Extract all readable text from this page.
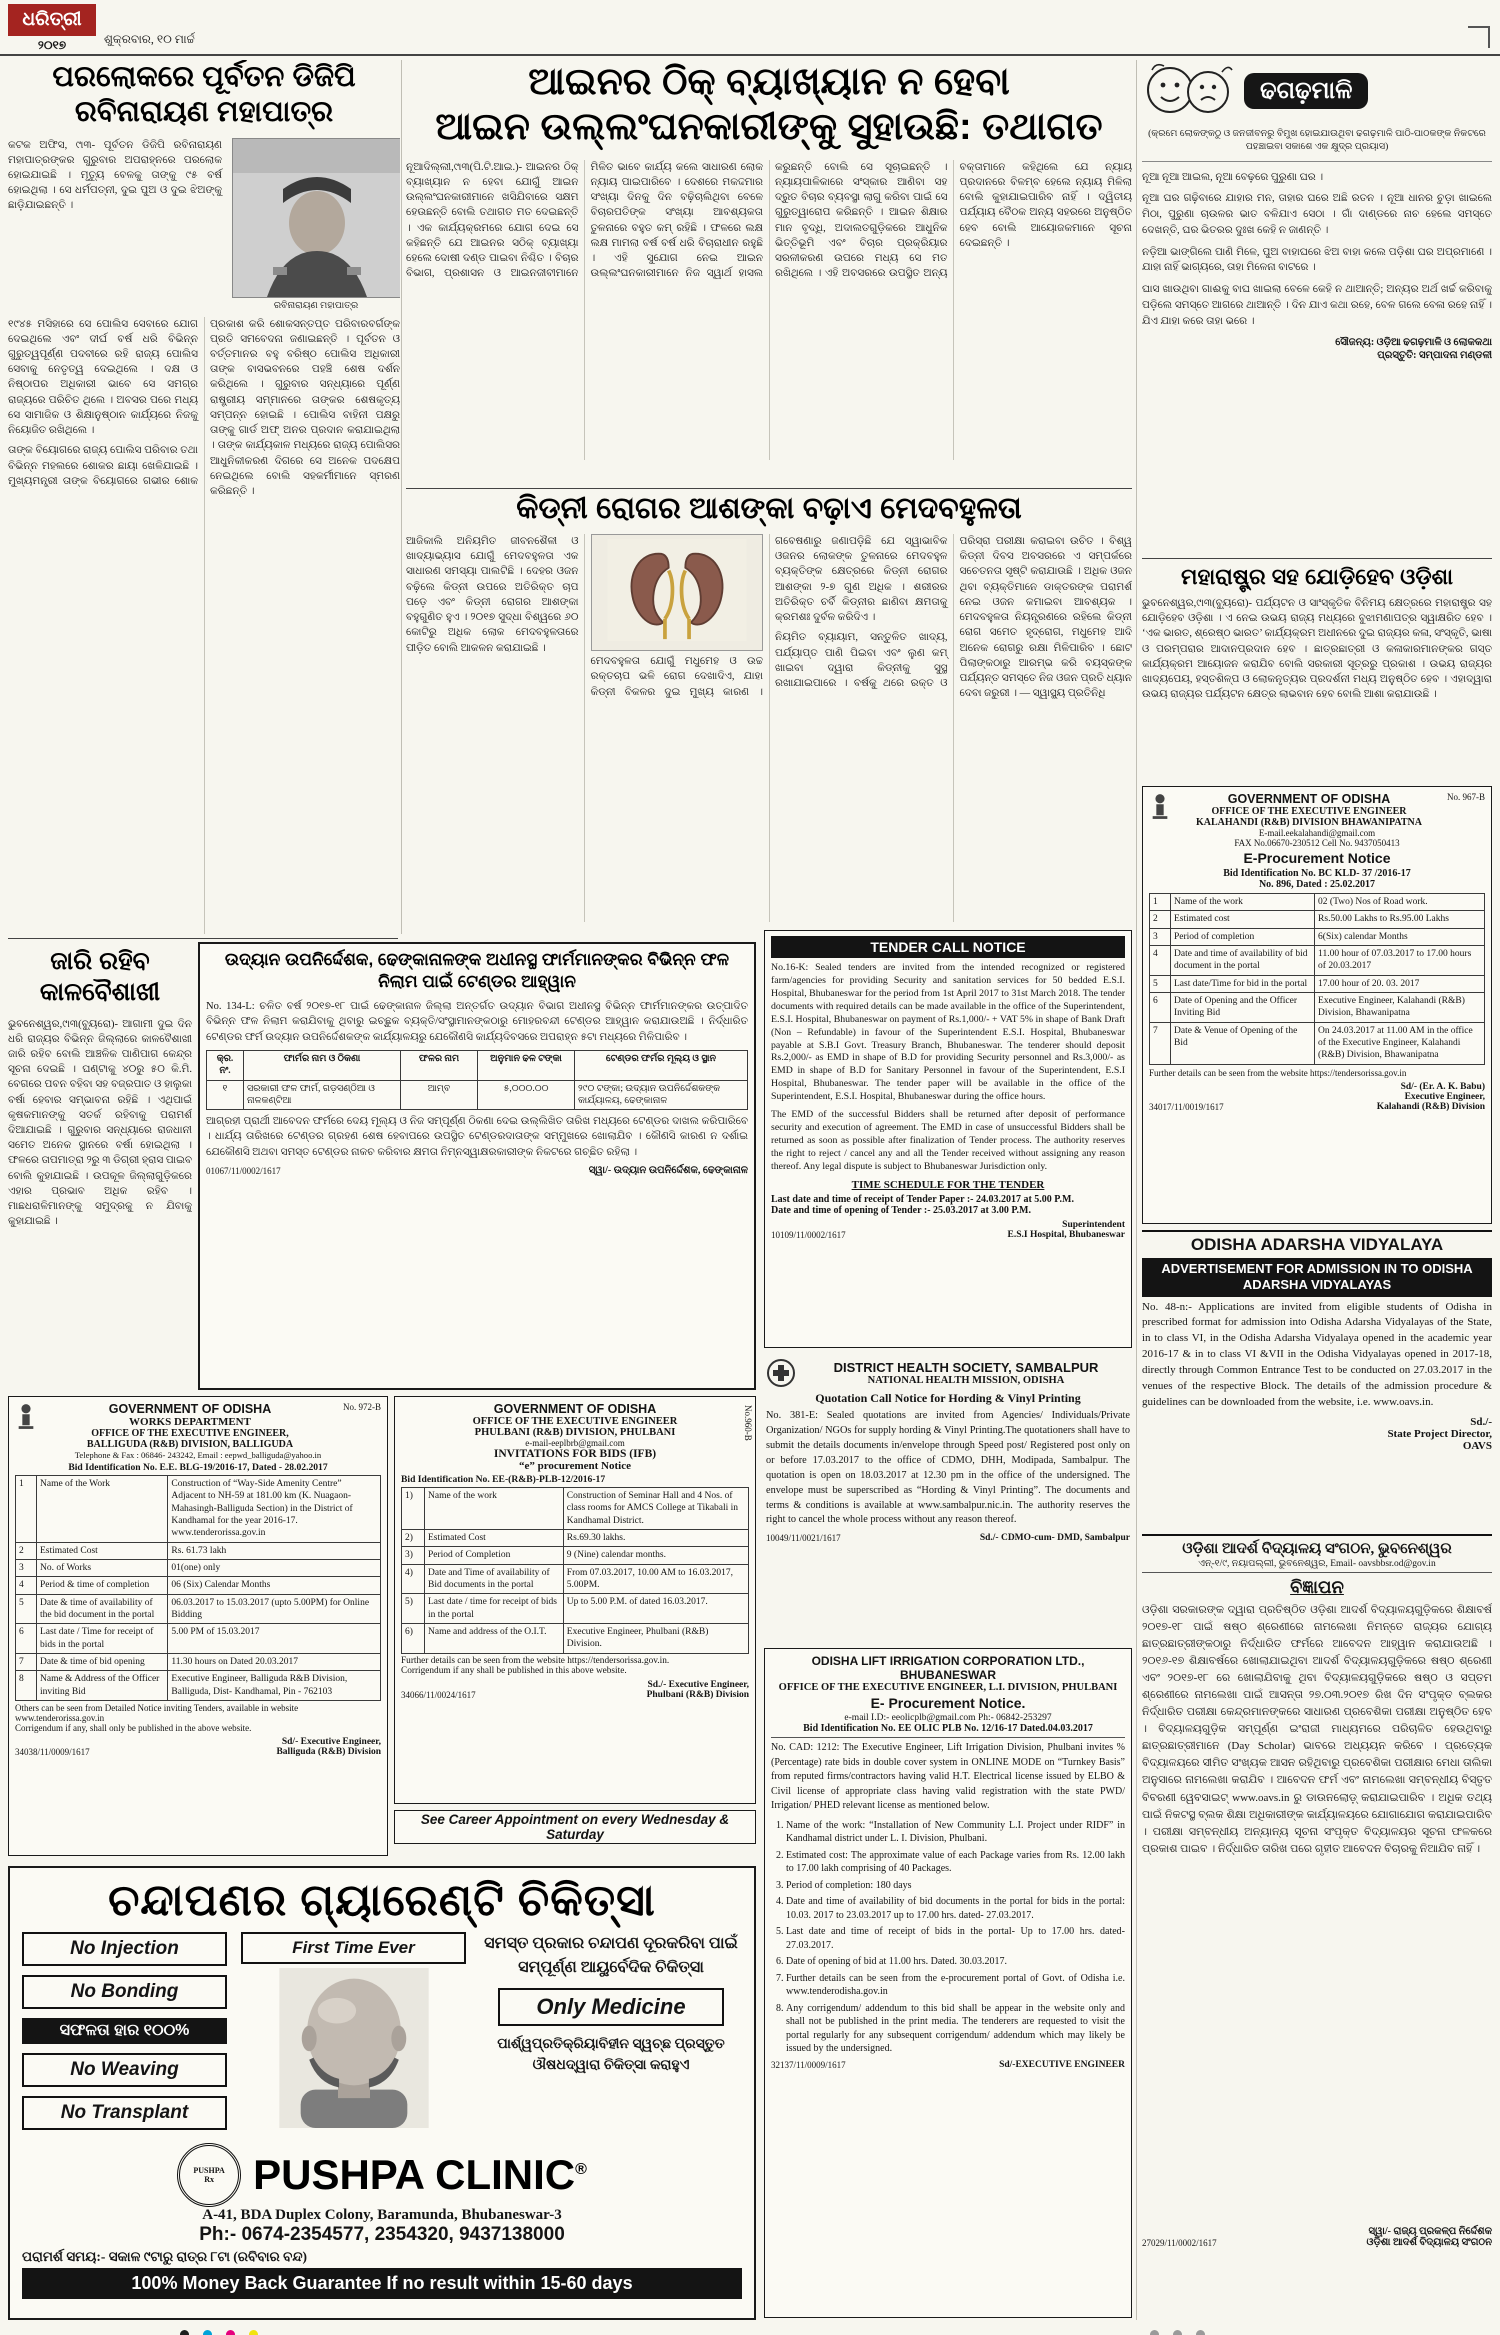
ଧରିତ୍ରୀ
୨୦୧୭	ଶୁକ୍ରବାର, ୧୦ ମାର୍ଚ୍ଚ
ପରଲୋକରେ ପୂର୍ବତନ ଡିଜିପି
ରବିନାରାୟଣ ମହାପାତ୍ର

କଟକ ଅଫିସ, ୯ା୩- ପୂର୍ବତନ ଡିଜିପି ରବିନାରାୟଣ ମହାପାତ୍ରଙ୍କର ଗୁରୁବାର ଅପରାହ୍ନରେ ପରଲୋକ ହୋଇଯାଇଛି । ମୃତ୍ୟୁ ବେଳକୁ ତାଙ୍କୁ ୯୫ ବର୍ଷ ହୋଇଥିଲା । ସେ ଧର୍ମପତ୍ନୀ, ଦୁଇ ପୁଅ ଓ ଦୁଇ ଝିଅଙ୍କୁ ଛାଡ଼ିଯାଇଛନ୍ତି ।

ରବିନାରାୟଣ ମହାପାତ୍ର

୧୯୪୫ ମସିହାରେ ସେ ପୋଲିସ ସେବାରେ ଯୋଗ ଦେଇଥିଲେ ଏବଂ ଦୀର୍ଘ ବର୍ଷ ଧରି ବିଭିନ୍ନ ଗୁରୁତ୍ୱପୂର୍ଣ୍ଣ ପଦବୀରେ ରହି ରାଜ୍ୟ ପୋଲିସ ସେବାକୁ ନେତୃତ୍ୱ ଦେଇଥିଲେ । ଦକ୍ଷ ଓ ନିଷ୍ଠାପର ଅଧିକାରୀ ଭାବେ ସେ ସମଗ୍ର ରାଜ୍ୟରେ ପରିଚିତ ଥିଲେ । ଅବସର ପରେ ମଧ୍ୟ ସେ ସାମାଜିକ ଓ ଶିକ୍ଷାନୁଷ୍ଠାନ କାର୍ଯ୍ୟରେ ନିଜକୁ ନିୟୋଜିତ ରଖିଥିଲେ ।

ତାଙ୍କ ବିୟୋଗରେ ରାଜ୍ୟ ପୋଲିସ ପରିବାର ତଥା ବିଭିନ୍ନ ମହଲରେ ଶୋକର ଛାୟା ଖେଳିଯାଇଛି । ମୁଖ୍ୟମନ୍ତ୍ରୀ ତାଙ୍କ ବିୟୋଗରେ ଗଭୀର ଶୋକ ପ୍ରକାଶ କରି ଶୋକସନ୍ତପ୍ତ ପରିବାରବର୍ଗଙ୍କ ପ୍ରତି ସମବେଦନା ଜଣାଇଛନ୍ତି । ପୂର୍ବତନ ଓ ବର୍ତ୍ତମାନର ବହୁ ବରିଷ୍ଠ ପୋଲିସ ଅଧିକାରୀ ତାଙ୍କ ବାସଭବନରେ ପହଞ୍ଚି ଶେଷ ଦର୍ଶନ କରିଥିଲେ । ଗୁରୁବାର ସନ୍ଧ୍ୟାରେ ପୂର୍ଣ୍ଣ ରାଷ୍ଟ୍ରୀୟ ସମ୍ମାନରେ ତାଙ୍କର ଶେଷକୃତ୍ୟ ସମ୍ପନ୍ନ ହୋଇଛି । ପୋଲିସ ବାହିନୀ ପକ୍ଷରୁ ତାଙ୍କୁ ଗାର୍ଡ ଅଫ୍ ଅନର ପ୍ରଦାନ କରାଯାଇଥିଲା । ତାଙ୍କ କାର୍ଯ୍ୟକାଳ ମଧ୍ୟରେ ରାଜ୍ୟ ପୋଲିସର ଆଧୁନିକୀକରଣ ଦିଗରେ ସେ ଅନେକ ପଦକ୍ଷେପ ନେଇଥିଲେ ବୋଲି ସହକର୍ମୀମାନେ ସ୍ମରଣ କରିଛନ୍ତି ।

ଆଇନର ଠିକ୍ ବ୍ୟାଖ୍ୟାନ ନ ହେବା
ଆଇନ ଉଲ୍ଲଂଘନକାରୀଙ୍କୁ ସୁହାଉଛି: ତଥାଗତ

ନୂଆଦିଲ୍ଲୀ,୯ା୩(ପି.ଟି.ଆଇ.)- ଆଇନର ଠିକ୍ ବ୍ୟାଖ୍ୟାନ ନ ହେବା ଯୋଗୁଁ ଆଇନ ଉଲ୍ଲଂଘନକାରୀମାନେ ଖସିଯିବାରେ ସକ୍ଷମ ହେଉଛନ୍ତି ବୋଲି ତଥାଗତ ମତ ଦେଇଛନ୍ତି । ଏକ କାର୍ଯ୍ୟକ୍ରମରେ ଯୋଗ ଦେଇ ସେ କହିଛନ୍ତି ଯେ ଆଇନର ସଠିକ୍ ବ୍ୟାଖ୍ୟା ହେଲେ ଦୋଷୀ ଦଣ୍ଡ ପାଇବା ନିଶ୍ଚିତ । ବିଚାର ବିଭାଗ, ପ୍ରଶାସନ ଓ ଆଇନଜୀବୀମାନେ ମିଳିତ ଭାବେ କାର୍ଯ୍ୟ କଲେ ସାଧାରଣ ଲୋକ ନ୍ୟାୟ ପାଇପାରିବେ । ଦେଶରେ ମକଦ୍ଦମାର ସଂଖ୍ୟା ଦିନକୁ ଦିନ ବଢ଼ିଚାଲିଥିବା ବେଳେ ବିଚାରପତିଙ୍କ ସଂଖ୍ୟା ଆବଶ୍ୟକତା ତୁଳନାରେ ବହୁତ କମ୍ ରହିଛି । ଫଳରେ ଲକ୍ଷ ଲକ୍ଷ ମାମଲା ବର୍ଷ ବର୍ଷ ଧରି ବିଚାରାଧୀନ ରହୁଛି । ଏହି ସୁଯୋଗ ନେଇ ଆଇନ ଉଲ୍ଲଂଘନକାରୀମାନେ ନିଜ ସ୍ୱାର୍ଥ ହାସଲ କରୁଛନ୍ତି ବୋଲି ସେ ସୂଚାଇଛନ୍ତି । ନ୍ୟାୟପାଳିକାରେ ସଂସ୍କାର ଆଣିବା ସହ ଦ୍ରୁତ ବିଚାର ବ୍ୟବସ୍ଥା ଲାଗୁ କରିବା ପାଇଁ ସେ ଗୁରୁତ୍ୱାରୋପ କରିଛନ୍ତି । ଆଇନ ଶିକ୍ଷାର ମାନ ବୃଦ୍ଧି, ଅଦାଲତଗୁଡ଼ିକରେ ଆଧୁନିକ ଭିତ୍ତିଭୂମି ଏବଂ ବିଚାର ପ୍ରକ୍ରିୟାର ସରଳୀକରଣ ଉପରେ ମଧ୍ୟ ସେ ମତ ରଖିଥିଲେ । ଏହି ଅବସରରେ ଉପସ୍ଥିତ ଅନ୍ୟ ବକ୍ତାମାନେ କହିଥିଲେ ଯେ ନ୍ୟାୟ ପ୍ରଦାନରେ ବିଳମ୍ବ ହେଲେ ନ୍ୟାୟ ମିଳିଲା ବୋଲି କୁହାଯାଇପାରିବ ନାହିଁ । ଦ୍ୱିତୀୟ ପର୍ଯ୍ୟାୟ ବୈଠକ ଅନ୍ୟ ସହରରେ ଅନୁଷ୍ଠିତ ହେବ ବୋଲି ଆୟୋଜକମାନେ ସୂଚନା ଦେଇଛନ୍ତି ।

କିଡ୍‌ନୀ ରୋଗର ଆଶଙ୍କା ବଢ଼ାଏ ମେଦବହୁଳତା

ଆଜିକାଲି ଅନିୟମିତ ଜୀବନଶୈଳୀ ଓ ଖାଦ୍ୟାଭ୍ୟାସ ଯୋଗୁଁ ମେଦବହୁଳତା ଏକ ସାଧାରଣ ସମସ୍ୟା ପାଲଟିଛି । ଦେହର ଓଜନ ବଢ଼ିଲେ କିଡ୍‌ନୀ ଉପରେ ଅତିରିକ୍ତ ଚାପ ପଡ଼େ ଏବଂ କିଡ୍‌ନୀ ରୋଗର ଆଶଙ୍କା ବହୁଗୁଣିତ ହୁଏ । ୨୦୧୭ ସୁଦ୍ଧା ବିଶ୍ୱରେ ୬୦ କୋଟିରୁ ଅଧିକ ଲୋକ ମେଦବହୁଳତାରେ ପୀଡ଼ିତ ବୋଲି ଆକଳନ କରାଯାଇଛି ।

ମେଦବହୁଳତା ଯୋଗୁଁ ମଧୁମେହ ଓ ଉଚ୍ଚ ରକ୍ତଚାପ ଭଳି ରୋଗ ଦେଖାଦିଏ, ଯାହା କିଡ୍‌ନୀ ବିକଳର ଦୁଇ ମୁଖ୍ୟ କାରଣ । ଗବେଷଣାରୁ ଜଣାପଡ଼ିଛି ଯେ ସ୍ୱାଭାବିକ ଓଜନର ଲୋକଙ୍କ ତୁଳନାରେ ମେଦବହୁଳ ବ୍ୟକ୍ତିଙ୍କ କ୍ଷେତ୍ରରେ କିଡ୍‌ନୀ ରୋଗର ଆଶଙ୍କା ୨-୭ ଗୁଣ ଅଧିକ । ଶରୀରର ଅତିରିକ୍ତ ଚର୍ବି କିଡ୍‌ନୀର ଛାଣିବା କ୍ଷମତାକୁ କ୍ରମଶଃ ଦୁର୍ବଳ କରିଦିଏ ।

ନିୟମିତ ବ୍ୟାୟାମ, ସନ୍ତୁଳିତ ଖାଦ୍ୟ, ପର୍ଯ୍ୟାପ୍ତ ପାଣି ପିଇବା ଏବଂ ଲୁଣ କମ୍ ଖାଇବା ଦ୍ୱାରା କିଡ୍‌ନୀକୁ ସୁସ୍ଥ ରଖାଯାଇପାରେ । ବର୍ଷକୁ ଥରେ ରକ୍ତ ଓ ପରିସ୍ରା ପରୀକ୍ଷା କରାଇବା ଉଚିତ । ବିଶ୍ୱ କିଡ୍‌ନୀ ଦିବସ ଅବସରରେ ଏ ସମ୍ପର୍କରେ ସଚେତନତା ସୃଷ୍ଟି କରାଯାଉଛି । ଅଧିକ ଓଜନ ଥିବା ବ୍ୟକ୍ତିମାନେ ଡାକ୍ତରଙ୍କ ପରାମର୍ଶ ନେଇ ଓଜନ କମାଇବା ଆବଶ୍ୟକ । ମେଦବହୁଳତା ନିୟନ୍ତ୍ରଣରେ ରହିଲେ କିଡ୍‌ନୀ ରୋଗ ସମେତ ହୃଦ୍‌ରୋଗ, ମଧୁମେହ ଆଦି ଅନେକ ରୋଗରୁ ରକ୍ଷା ମିଳିପାରିବ । ଛୋଟ ପିଲାଙ୍କଠାରୁ ଆରମ୍ଭ କରି ବୟସ୍କଙ୍କ ପର୍ଯ୍ୟନ୍ତ ସମସ୍ତେ ନିଜ ଓଜନ ପ୍ରତି ଧ୍ୟାନ ଦେବା ଜରୁରୀ । — ସ୍ୱାସ୍ଥ୍ୟ ପ୍ରତିନିଧି

ଢଗଢ଼ମାଳି

(କ୍ରମେ ଲୋକଙ୍କଠୁ ଓ ଜନଜୀବନରୁ ବିମୁଖ ହୋଇଯାଉଥିବା ଢଗଢ଼ମାଳି ପାଠି-ପାଠକଙ୍କ ନିକଟରେ ପହଞ୍ଚାଇବା ସକାଶେ ଏକ କ୍ଷୁଦ୍ର ପ୍ରୟାସ)

ନୂଆ ନୂଆ ଆଇଲ, ନୂଆ ବେଢ଼ରେ ପୁରୁଣା ଘର ।

ନୂଆ ଘର ଗଢ଼ିବାରେ ଯାହାର ମନ, ତାହାର ଘରେ ଅଛି ରତନ । ନୂଆ ଧାନର ଚୁଡ଼ା ଖାଇଲେ ମିଠା, ପୁରୁଣା ଚାଉଳର ଭାତ ବଳିଯାଏ ସେଠା । ଗାଁ ଦାଣ୍ଡରେ ନାଚ ହେଲେ ସମସ୍ତେ ଦେଖନ୍ତି, ଘର ଭିତରର ଦୁଃଖ କେହି ନ ଜାଣନ୍ତି ।

ନଡ଼ିଆ ଭାଙ୍ଗିଲେ ପାଣି ମିଳେ, ପୁଅ ବାହାଘରେ ଝିଅ ବାହା କଲେ ପଡ଼ିଶା ଘର ଅପ୍ରମାଣେ । ଯାହା ନାହିଁ ଭାଗ୍ୟରେ, ତାହା ମିଳେନା ବାଟରେ ।

ଘାସ ଖାଉଥିବା ଗାଈକୁ ବାଘ ଖାଇଲା ବେଳେ କେହି ନ ଥାଆନ୍ତି; ଅନ୍ୟର ଅର୍ଥ ଖର୍ଚ୍ଚ କରିବାକୁ ପଡ଼ିଲେ ସମସ୍ତେ ଆଗରେ ଥାଆନ୍ତି । ଦିନ ଯାଏ କଥା ରହେ, ବେଳ ଗଲେ ବେଳା ରହେ ନାହିଁ । ଯିଏ ଯାହା କରେ ତାହା ଭରେ ।

ସୌଜନ୍ୟ: ଓଡ଼ିଆ ଢଗଢ଼ମାଳି ଓ ଲୋକକଥା

ପ୍ରସ୍ତୁତି: ସମ୍ପାଦନା ମଣ୍ଡଳୀ

ମହାରାଷ୍ଟ୍ର ସହ ଯୋଡ଼ିହେବ ଓଡ଼ିଶା

ଭୁବନେଶ୍ୱର,୯ା୩(ବ୍ୟୁରୋ)- ପର୍ଯ୍ୟଟନ ଓ ସାଂସ୍କୃତିକ ବିନିମୟ କ୍ଷେତ୍ରରେ ମହାରାଷ୍ଟ୍ର ସହ ଯୋଡ଼ିହେବ ଓଡ଼ିଶା । ଏ ନେଇ ଉଭୟ ରାଜ୍ୟ ମଧ୍ୟରେ ବୁଝାମଣାପତ୍ର ସ୍ୱାକ୍ଷରିତ ହେବ । ‘ଏକ ଭାରତ, ଶ୍ରେଷ୍ଠ ଭାରତ’ କାର୍ଯ୍ୟକ୍ରମ ଅଧୀନରେ ଦୁଇ ରାଜ୍ୟର କଳା, ସଂସ୍କୃତି, ଭାଷା ଓ ପରମ୍ପରାର ଆଦାନପ୍ରଦାନ ହେବ । ଛାତ୍ରଛାତ୍ରୀ ଓ କଳାକାରମାନଙ୍କର ଗସ୍ତ କାର୍ଯ୍ୟକ୍ରମ ଆୟୋଜନ କରାଯିବ ବୋଲି ସରକାରୀ ସୂତ୍ରରୁ ପ୍ରକାଶ । ଉଭୟ ରାଜ୍ୟର ଖାଦ୍ୟପେୟ, ହସ୍ତଶିଳ୍ପ ଓ ଲୋକନୃତ୍ୟର ପ୍ରଦର୍ଶନୀ ମଧ୍ୟ ଅନୁଷ୍ଠିତ ହେବ । ଏହାଦ୍ୱାରା ଉଭୟ ରାଜ୍ୟର ପର୍ଯ୍ୟଟନ କ୍ଷେତ୍ର ଲାଭବାନ ହେବ ବୋଲି ଆଶା କରାଯାଉଛି ।

GOVERNMENT OF ODISHA
OFFICE OF THE EXECUTIVE ENGINEER
KALAHANDI (R&B) DIVISION BHAWANIPATNA
No. 967-B
E-mail.eekalahandi@gmail.com
FAX No.06670-230512 Cell No. 9437050413
E-Procurement Notice
Bid Identification No. BC KLD- 37 /2016-17
No. 896, Dated : 25.02.2017
1	Name of the work	02 (Two) Nos of Road work.
2	Estimated cost	Rs.50.00 Lakhs to Rs.95.00 Lakhs
3	Period of completion	6(Six) calendar Months
4	Date and time of availability of bid document in the portal	11.00 hour of 07.03.2017 to 17.00 hours of 20.03.2017
5	Last date/Time for bid in the portal	17.00 hour of 20. 03. 2017
6	Date of Opening and the Officer Inviting Bid	Executive Engineer, Kalahandi (R&B) Division, Bhawanipatna
7	Date & Venue of Opening of the Bid	On 24.03.2017 at 11.00 AM in the office of the Executive Engineer, Kalahandi (R&B) Division, Bhawanipatna
Further details can be seen from the website https://tendersorissa.gov.in
34017/11/0019/1617
Sd/- (Er. A. K. Babu)
Executive Engineer,
Kalahandi (R&B) Division
ODISHA ADARSHA VIDYALAYA
ADVERTISEMENT FOR ADMISSION IN TO ODISHA ADARSHA VIDYALAYAS

No. 48-n:- Applications are invited from eligible students of Odisha in prescribed format for admission into Odisha Adarsha Vidyalayas of the State, in to class VI, in the Odisha Adarsha Vidyalaya opened in the academic year 2016-17 & in to class VI &VII in the Odisha Vidyalayas opened in 2017-18, directly through Common Entrance Test to be conducted on 27.03.2017 in the venues of the respective Block. The details of the admission procedure & guidelines can be downloaded from the website, i.e. www.oavs.in.

Sd./-
State Project Director,
OAVS
ଓଡ଼ିଶା ଆଦର୍ଶ ବିଦ୍ୟାଳୟ ସଂଗଠନ, ଭୁବନେଶ୍ୱର
ଏନ୍-୧/୯, ନୟାପଲ୍ଲୀ, ଭୁବନେଶ୍ୱର, Email- oavsbbsr.od@gov.in
ବିଜ୍ଞାପନ

ଓଡ଼ିଶା ସରକାରଙ୍କ ଦ୍ୱାରା ପ୍ରତିଷ୍ଠିତ ଓଡ଼ିଶା ଆଦର୍ଶ ବିଦ୍ୟାଳୟଗୁଡ଼ିକରେ ଶିକ୍ଷାବର୍ଷ ୨୦୧୭-୧୮ ପାଇଁ ଷଷ୍ଠ ଶ୍ରେଣୀରେ ନାମଲେଖା ନିମନ୍ତେ ରାଜ୍ୟର ଯୋଗ୍ୟ ଛାତ୍ରଛାତ୍ରୀଙ୍କଠାରୁ ନିର୍ଦ୍ଧାରିତ ଫର୍ମରେ ଆବେଦନ ଆହ୍ୱାନ କରାଯାଉଅଛି । ୨୦୧୬-୧୭ ଶିକ୍ଷାବର୍ଷରେ ଖୋଲାଯାଇଥିବା ଆଦର୍ଶ ବିଦ୍ୟାଳୟଗୁଡ଼ିକରେ ଷଷ୍ଠ ଶ୍ରେଣୀ ଏବଂ ୨୦୧୭-୧୮ ରେ ଖୋଲାଯିବାକୁ ଥିବା ବିଦ୍ୟାଳୟଗୁଡ଼ିକରେ ଷଷ୍ଠ ଓ ସପ୍ତମ ଶ୍ରେଣୀରେ ନାମଲେଖା ପାଇଁ ଆସନ୍ତା ୨୭.୦୩.୨୦୧୭ ରିଖ ଦିନ ସଂପୃକ୍ତ ବ୍ଲକର ନିର୍ଦ୍ଧାରିତ ପରୀକ୍ଷା କେନ୍ଦ୍ରମାନଙ୍କରେ ସାଧାରଣ ପ୍ରବେଶିକା ପରୀକ୍ଷା ଅନୁଷ୍ଠିତ ହେବ । ବିଦ୍ୟାଳୟଗୁଡ଼ିକ ସମ୍ପୂର୍ଣ୍ଣ ଇଂରାଜୀ ମାଧ୍ୟମରେ ପରିଚାଳିତ ହେଉଥିବାରୁ ଛାତ୍ରଛାତ୍ରୀମାନେ (Day Scholar) ଭାବରେ ଅଧ୍ୟୟନ କରିବେ । ପ୍ରତ୍ୟେକ ବିଦ୍ୟାଳୟରେ ସୀମିତ ସଂଖ୍ୟକ ଆସନ ରହିଥିବାରୁ ପ୍ରବେଶିକା ପରୀକ୍ଷାର ମେଧା ତାଲିକା ଅନୁସାରେ ନାମଲେଖା କରାଯିବ । ଆବେଦନ ଫର୍ମ ଏବଂ ନାମଲେଖା ସମ୍ବନ୍ଧୀୟ ବିସ୍ତୃତ ବିବରଣୀ ୱେବସାଇଟ୍ www.oavs.in ରୁ ଡାଉନଲୋଡ଼୍ କରାଯାଇପାରିବ । ଅଧିକ ତଥ୍ୟ ପାଇଁ ନିକଟସ୍ଥ ବ୍ଲକ ଶିକ୍ଷା ଅଧିକାରୀଙ୍କ କାର୍ଯ୍ୟାଳୟରେ ଯୋଗାଯୋଗ କରାଯାଇପାରିବ । ପରୀକ୍ଷା ସମ୍ବନ୍ଧୀୟ ଅନ୍ୟାନ୍ୟ ସୂଚନା ସଂପୃକ୍ତ ବିଦ୍ୟାଳୟର ସୂଚନା ଫଳକରେ ପ୍ରକାଶ ପାଇବ । ନିର୍ଦ୍ଧାରିତ ତାରିଖ ପରେ ଗୃହୀତ ଆବେଦନ ବିଚାରକୁ ନିଆଯିବ ନାହିଁ ।

27029/11/0002/1617
ସ୍ୱା/- ରାଜ୍ୟ ପ୍ରକଳ୍ପ ନିର୍ଦ୍ଦେଶକ
ଓଡ଼ିଶା ଆଦର୍ଶ ବିଦ୍ୟାଳୟ ସଂଗଠନ
ଜାରି ରହିବ
କାଳବୈଶାଖୀ

ଭୁବନେଶ୍ୱର,୯ା୩(ବ୍ୟୁରୋ)- ଆଗାମୀ ଦୁଇ ଦିନ ଧରି ରାଜ୍ୟର ବିଭିନ୍ନ ଜିଲ୍ଲାରେ କାଳବୈଶାଖୀ ଜାରି ରହିବ ବୋଲି ଆଞ୍ଚଳିକ ପାଣିପାଗ କେନ୍ଦ୍ର ସୂଚନା ଦେଇଛି । ଘଣ୍ଟାକୁ ୪୦ରୁ ୫୦ କି.ମି. ବେଗରେ ପବନ ବହିବା ସହ ବଜ୍ରପାତ ଓ ହାଲୁକା ବର୍ଷା ହେବାର ସମ୍ଭାବନା ରହିଛି । ଏଥିପାଇଁ କୃଷକମାନଙ୍କୁ ସତର୍କ ରହିବାକୁ ପରାମର୍ଶ ଦିଆଯାଇଛି । ଗୁରୁବାର ସନ୍ଧ୍ୟାରେ ରାଜଧାନୀ ସମେତ ଅନେକ ସ୍ଥାନରେ ବର୍ଷା ହୋଇଥିଲା । ଫଳରେ ତାପମାତ୍ରା ୨ରୁ ୩ ଡିଗ୍ରୀ ହ୍ରାସ ପାଇବ ବୋଲି କୁହାଯାଇଛି । ଉପକୂଳ ଜିଲ୍ଲାଗୁଡ଼ିକରେ ଏହାର ପ୍ରଭାବ ଅଧିକ ରହିବ । ମାଛଧରାଳିମାନଙ୍କୁ ସମୁଦ୍ରକୁ ନ ଯିବାକୁ କୁହାଯାଇଛି ।

ଉଦ୍ୟାନ ଉପନିର୍ଦ୍ଦେଶକ, ଢେଙ୍କାନାଳଙ୍କ ଅଧୀନସ୍ଥ ଫାର୍ମମାନଙ୍କର ବିଭିନ୍ନ ଫଳ ନିଲାମ ପାଇଁ ଟେଣ୍ଡର ଆହ୍ୱାନ

No. 134-L: ଚଳିତ ବର୍ଷ ୨୦୧୭-୧୮ ପାଇଁ ଢେଙ୍କାନାଳ ଜିଲ୍ଲା ଅନ୍ତର୍ଗତ ଉଦ୍ୟାନ ବିଭାଗ ଅଧୀନସ୍ଥ ବିଭିନ୍ନ ଫାର୍ମମାନଙ୍କର ଉତ୍ପାଦିତ ବିଭିନ୍ନ ଫଳ ନିଲାମ କରାଯିବାକୁ ଥିବାରୁ ଇଚ୍ଛୁକ ବ୍ୟକ୍ତି/ସଂସ୍ଥାମାନଙ୍କଠାରୁ ମୋହରବନ୍ଦୀ ଟେଣ୍ଡର ଆହ୍ୱାନ କରାଯାଉଅଛି । ନିର୍ଦ୍ଧାରିତ ଟେଣ୍ଡର ଫର୍ମ ଉଦ୍ୟାନ ଉପନିର୍ଦ୍ଦେଶକଙ୍କ କାର୍ଯ୍ୟାଳୟରୁ ଯେକୌଣସି କାର୍ଯ୍ୟଦିବସରେ ଅପରାହ୍ନ ୫ଟା ମଧ୍ୟରେ ମିଳିପାରିବ ।

କ୍ର. ନଂ.	ଫାର୍ମର ନାମ ଓ ଠିକଣା	ଫଳର ନାମ	ଅନୁମାନ ଢଳ ଟଙ୍କା	ଟେଣ୍ଡର ଫର୍ମର ମୂଲ୍ୟ ଓ ସ୍ଥାନ
୧	ସରକାରୀ ଫଳ ଫାର୍ମ, ଗଡ଼ସଣ୍ଠିଆ ଓ ନାଳକଣ୍ଟିଆ	ଆମ୍ବ	୫,୦୦୦.୦୦	୨୯୦ ଟଙ୍କା; ଉଦ୍ୟାନ ଉପନିର୍ଦ୍ଦେଶକଙ୍କ କାର୍ଯ୍ୟାଳୟ, ଢେଙ୍କାନାଳ

ଆଗ୍ରହୀ ପ୍ରାର୍ଥୀ ଆବେଦନ ଫର୍ମରେ ଦେୟ ମୂଲ୍ୟ ଓ ନିଜ ସମ୍ପୂର୍ଣ୍ଣ ଠିକଣା ଦେଇ ଉଲ୍ଲିଖିତ ତାରିଖ ମଧ୍ୟରେ ଟେଣ୍ଡର ଦାଖଲ କରିପାରିବେ । ଧାର୍ଯ୍ୟ ତାରିଖରେ ଟେଣ୍ଡର ଗ୍ରହଣ ଶେଷ ହେବାପରେ ଉପସ୍ଥିତ ଟେଣ୍ଡରଦାତାଙ୍କ ସମ୍ମୁଖରେ ଖୋଲାଯିବ । କୌଣସି କାରଣ ନ ଦର୍ଶାଇ ଯେକୌଣସି ଅଥବା ସମସ୍ତ ଟେଣ୍ଡର ନାକଚ କରିବାର କ୍ଷମତା ନିମ୍ନସ୍ୱାକ୍ଷରକାରୀଙ୍କ ନିକଟରେ ଗଚ୍ଛିତ ରହିଲା ।

01067/11/0002/1617	ସ୍ୱା/- ଉଦ୍ୟାନ ଉପନିର୍ଦ୍ଦେଶକ, ଢେଙ୍କାନାଳ
TENDER CALL NOTICE

No.16-K: Sealed tenders are invited from the intended recognized or registered farm/agencies for providing Security and sanitation services for 50 bedded E.S.I. Hospital, Bhubaneswar for the period from 1st April 2017 to 31st March 2018. The tender documents with required details can be made available in the office of the Superintendent, E.S.I. Hospital, Bhubaneswar on payment of Rs.1,000/- + VAT 5% in shape of Bank Draft (Non – Refundable) in favour of the Superintendent E.S.I. Hospital, Bhubaneswar payable at S.B.I Govt. Treasury Branch, Bhubaneswar. The tenderer should deposit Rs.2,000/- as EMD in shape of B.D for providing Security personnel and Rs.3,000/- as EMD in shape of B.D for Sanitary Personnel in favour of the Superintendent, E.S.I Hospital, Bhubaneswar. The tender paper will be available in the office of the Superintendent, E.S.I. Hospital, Bhubaneswar during the office hours.

The EMD of the successful Bidders shall be returned after deposit of performance security and execution of agreement. The EMD in case of unsuccessful Bidders shall be returned as soon as possible after finalization of Tender process. The authority reserves the right to reject / cancel any and all the Tender received without assigning any reason thereof. Any legal dispute is subject to Bhubaneswar Jurisdiction only.

TIME SCHEDULE FOR THE TENDER
Last date and time of receipt of Tender Paper :- 24.03.2017 at 5.00 P.M.
Date and time of opening of Tender :- 25.03.2017 at 3.00 P.M.
10109/11/0002/1617
Superintendent
E.S.I Hospital, Bhubaneswar
DISTRICT HEALTH SOCIETY, SAMBALPUR
NATIONAL HEALTH MISSION, ODISHA
Quotation Call Notice for Hording & Vinyl Printing

No. 381-E: Sealed quotations are invited from Agencies/ Individuals/Private Organization/ NGOs for supply hording & Vinyl Printing.The quotationers shall have to submit the details documents in/envelope through Speed post/ Registered post only on or before 17.03.2017 to the office of CDMO, DHH, Modipada, Sambalpur. The quotation is open on 18.03.2017 at 12.30 pm in the office of the undersigned. The envelope must be superscribed as “Hording & Vinyl Printing”. The documents and terms & conditions is available at www.sambalpur.nic.in. The authority reserves the right to cancel the whole process without any reason thereof.

10049/11/0021/1617	Sd./- CDMO-cum- DMD, Sambalpur
ODISHA LIFT IRRIGATION CORPORATION LTD., BHUBANESWAR
OFFICE OF THE EXECUTIVE ENGINEER, L.I. DIVISION, PHULBANI
E- Procurement Notice.
e-mail I.D:- eeolicplb@gmail.com Ph:- 06842-253297
Bid Identification No. EE OLIC PLB No. 12/16-17 Dated.04.03.2017

No. CAD: 1212: The Executive Engineer, Lift Irrigation Division, Phulbani invites % (Percentage) rate bids in double cover system in ONLINE MODE on “Turnkey Basis” from reputed firms/contractors having valid H.T. Electrical license issued by ELBO & Civil license of appropriate class having valid registration with the state PWD/ Irrigation/ PHED relevant license as mentioned below.

1. Name of the work: “Installation of New Community L.I. Project under RIDF” in Kandhamal district under L. I. Division, Phulbani.
2. Estimated cost: The approximate value of each Package varies from Rs. 12.00 lakh to 17.00 lakh comprising of 40 Packages.
3. Period of completion: 180 days
4. Date and time of availability of bid documents in the portal for bids in the portal: 10.03. 2017 to 23.03.2017 up to 17.00 hrs. dated- 27.03.2017.
5. Last date and time of receipt of bids in the portal- Up to 17.00 hrs. dated- 27.03.2017.
6. Date of opening of bid at 11.00 hrs. Dated. 30.03.2017.
7. Further details can be seen from the e-procurement portal of Govt. of Odisha i.e. www.tenderodisha.gov.in
8. Any corrigendum/ addendum to this bid shall be appear in the website only and shall not be published in the print media. The tenderers are requested to visit the portal regularly for any subsequent corrigendum/ addendum which may likely be issued by the undersigned.
32137/11/0009/1617	Sd/-EXECUTIVE ENGINEER
GOVERNMENT OF ODISHA
WORKS DEPARTMENT
OFFICE OF THE EXECUTIVE ENGINEER,
BALLIGUDA (R&B) DIVISION, BALLIGUDA
No. 972-B
Telephone & Fax : 06846- 243242, Email : eepwd_balliguda@yahoo.in
Bid Identification No. E.E. BLG-19/2016-17, Dated - 28.02.2017
1	Name of the Work	Construction of “Way-Side Amenity Centre” Adjacent to NH-59 at 181.00 km (K. Nuagaon- Mahasingh-Balliguda Section) in the District of Kandhamal for the year 2016-17. www.tenderorissa.gov.in
2	Estimated Cost	Rs. 61.73 lakh
3	No. of Works	01(one) only
4	Period & time of completion	06 (Six) Calendar Months
5	Date & time of availability of the bid document in the portal	06.03.2017 to 15.03.2017 (upto 5.00PM) for Online Bidding
6	Last date / Time for receipt of bids in the portal	5.00 PM of 15.03.2017
7	Date & time of bid opening	11.30 hours on Dated 20.03.2017
8	Name & Address of the Officer inviting Bid	Executive Engineer, Balliguda R&B Division, Balliguda, Dist- Kandhamal, Pin - 762103
Others can be seen from Detailed Notice inviting Tenders, available in website www.tenderorissa.gov.in
Corrigendum if any, shall only be published in the above website.
34038/11/0009/1617
Sd/- Executive Engineer,
Balliguda (R&B) Division
No.960-B
GOVERNMENT OF ODISHA
OFFICE OF THE EXECUTIVE ENGINEER
PHULBANI (R&B) DIVISION, PHULBANI
e-mail-eeplbrb@gmail.com
INVITATIONS FOR BIDS (IFB)
“e” procurement Notice
Bid Identification No. EE-(R&B)-PLB-12/2016-17
1)	Name of the work	Construction of Seminar Hall and 4 Nos. of class rooms for AMCS College at Tikabali in Kandhamal District.
2)	Estimated Cost	Rs.69.30 lakhs.
3)	Period of Completion	9 (Nine) calendar months.
4)	Date and Time of availability of Bid documents in the portal	From 07.03.2017, 10.00 AM to 16.03.2017, 5.00PM.
5)	Last date / time for receipt of bids in the portal	Up to 5.00 P.M. of dated 16.03.2017.
6)	Name and address of the O.I.T.	Executive Engineer, Phulbani (R&B) Division.
Further details can be seen from the website https://tendersorissa.gov.in.
Corrigendum if any shall be published in this above website.
34066/11/0024/1617
Sd./- Executive Engineer,
Phulbani (R&B) Division
See Career Appointment on every Wednesday & Saturday
ଚନ୍ଦାପଣର ଗ୍ୟାରେଣ୍ଟି ଚିକିତ୍ସା
No Injection
No Bonding
ସଫଳତା ହାର ୧୦୦%
No Weaving
No Transplant
First Time Ever	ସମସ୍ତ ପ୍ରକାର ଚନ୍ଦାପଣ ଦୂରକରିବା ପାଇଁ ସମ୍ପୂର୍ଣ୍ଣ ଆୟୁର୍ବେଦିକ ଚିକିତ୍ସା
Only Medicine
ପାର୍ଶ୍ୱପ୍ରତିକ୍ରିୟାବିହୀନ ସ୍ୱଚ୍ଛ ପ୍ରସ୍ତୁତ ଔଷଧଦ୍ୱାରା ଚିକିତ୍ସା କରାହୁଏ
PUSHPA
Rx PUSHPA CLINIC®
A-41, BDA Duplex Colony, Baramunda, Bhubaneswar-3
Ph:- 0674-2354577, 2354320, 9437138000
ପରାମର୍ଶ ସମୟ:- ସକାଳ ୯ଟାରୁ ରାତ୍ର ୮ଟା (ରବିବାର ବନ୍ଦ)
100% Money Back Guarantee If no result within 15-60 days
